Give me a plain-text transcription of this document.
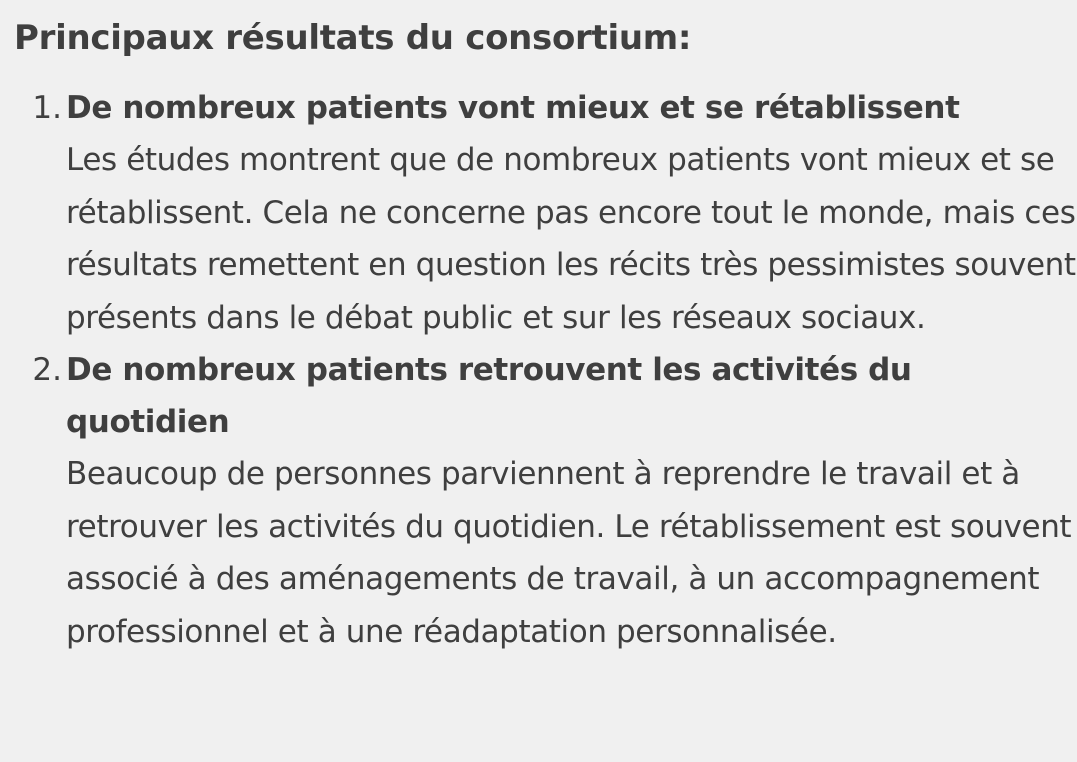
Principaux résultats du consortium:
1. De nombreux patients vont mieux et se rétablissent
Les études montrent que de nombreux patients vont mieux et se rétablissent. Cela ne concerne pas encore tout le monde, mais ces résultats remettent en question les récits très pessimistes souvent présents dans le débat public et sur les réseaux sociaux.
2. De nombreux patients retrouvent les activités du quotidien
Beaucoup de personnes parviennent à reprendre le travail et à retrouver les activités du quotidien. Le rétablissement est souvent associé à des aménagements de travail, à un accompagnement professionnel et à une réadaptation personnalisée.
